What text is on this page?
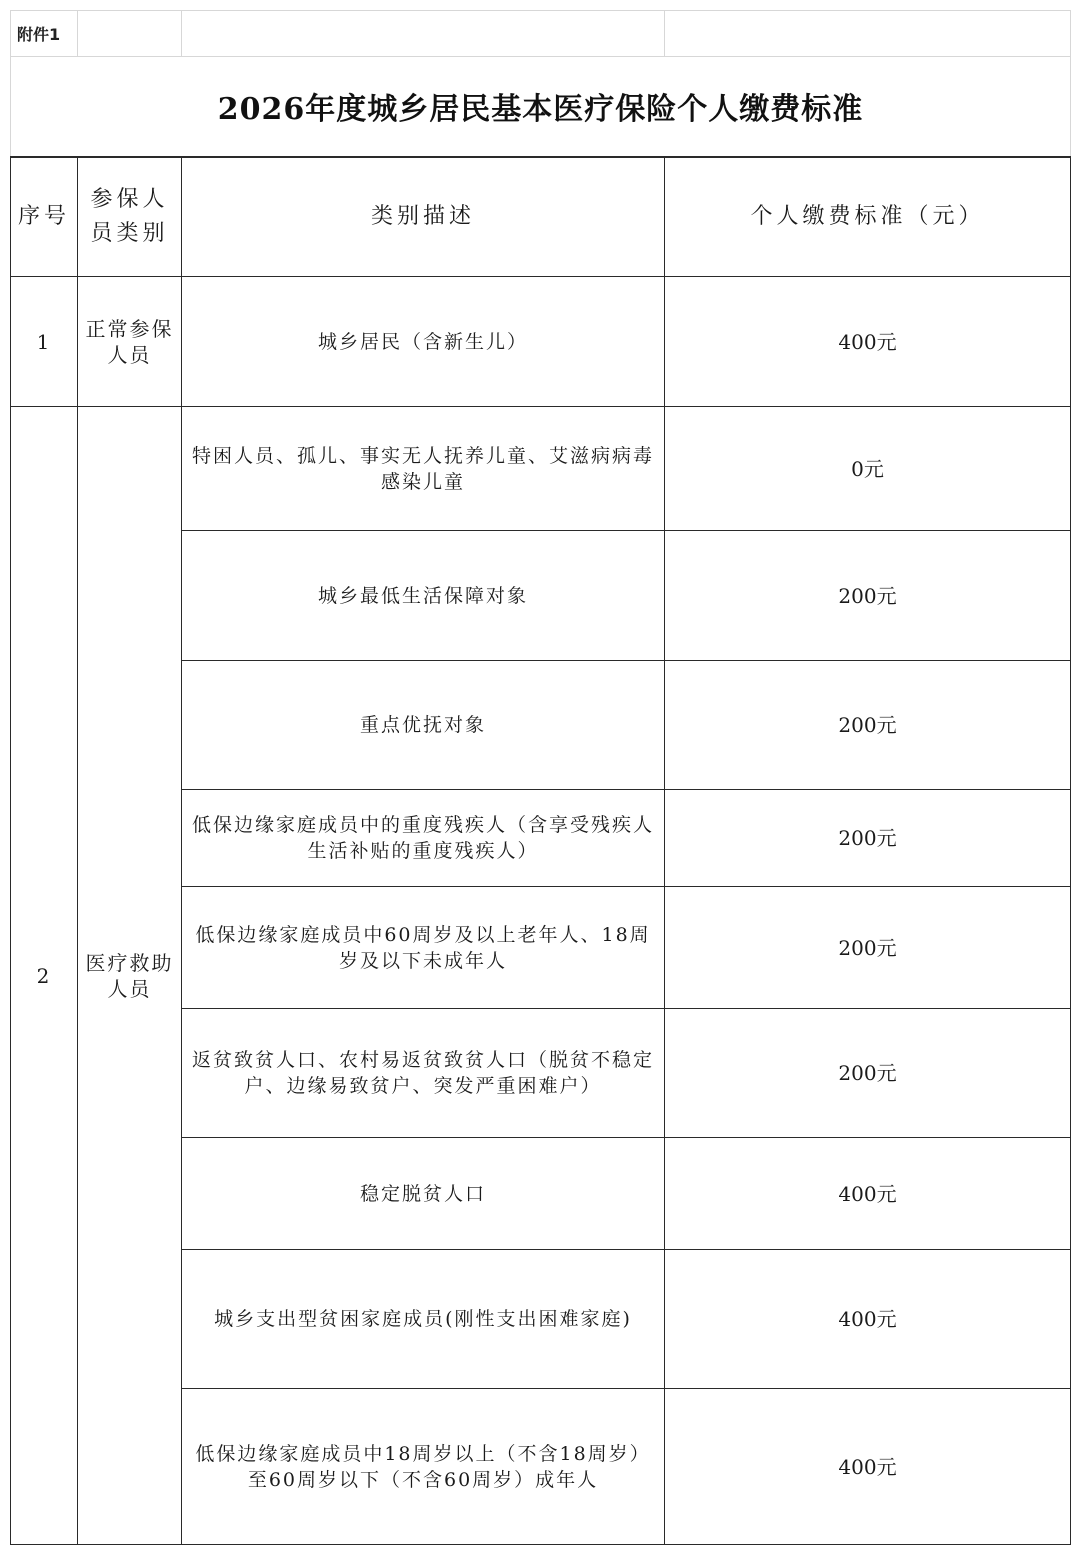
附件1			
2026年度城乡居民基本医疗保险个人缴费标准			
序号	参保人员类别	类别描述	个人缴费标准（元）
1	正常参保人员	城乡居民（含新生儿）	400元
2	医疗救助人员	特困人员、孤儿、事实无人抚养儿童、艾滋病病毒感染儿童	0元
		城乡最低生活保障对象	200元
		重点优抚对象	200元
		低保边缘家庭成员中的重度残疾人（含享受残疾人生活补贴的重度残疾人）	200元
		低保边缘家庭成员中60周岁及以上老年人、18周岁及以下未成年人	200元
		返贫致贫人口、农村易返贫致贫人口（脱贫不稳定户、边缘易致贫户、突发严重困难户）	200元
		稳定脱贫人口	400元
		城乡支出型贫困家庭成员(刚性支出困难家庭)	400元
		低保边缘家庭成员中18周岁以上（不含18周岁）至60周岁以下（不含60周岁）成年人	400元
